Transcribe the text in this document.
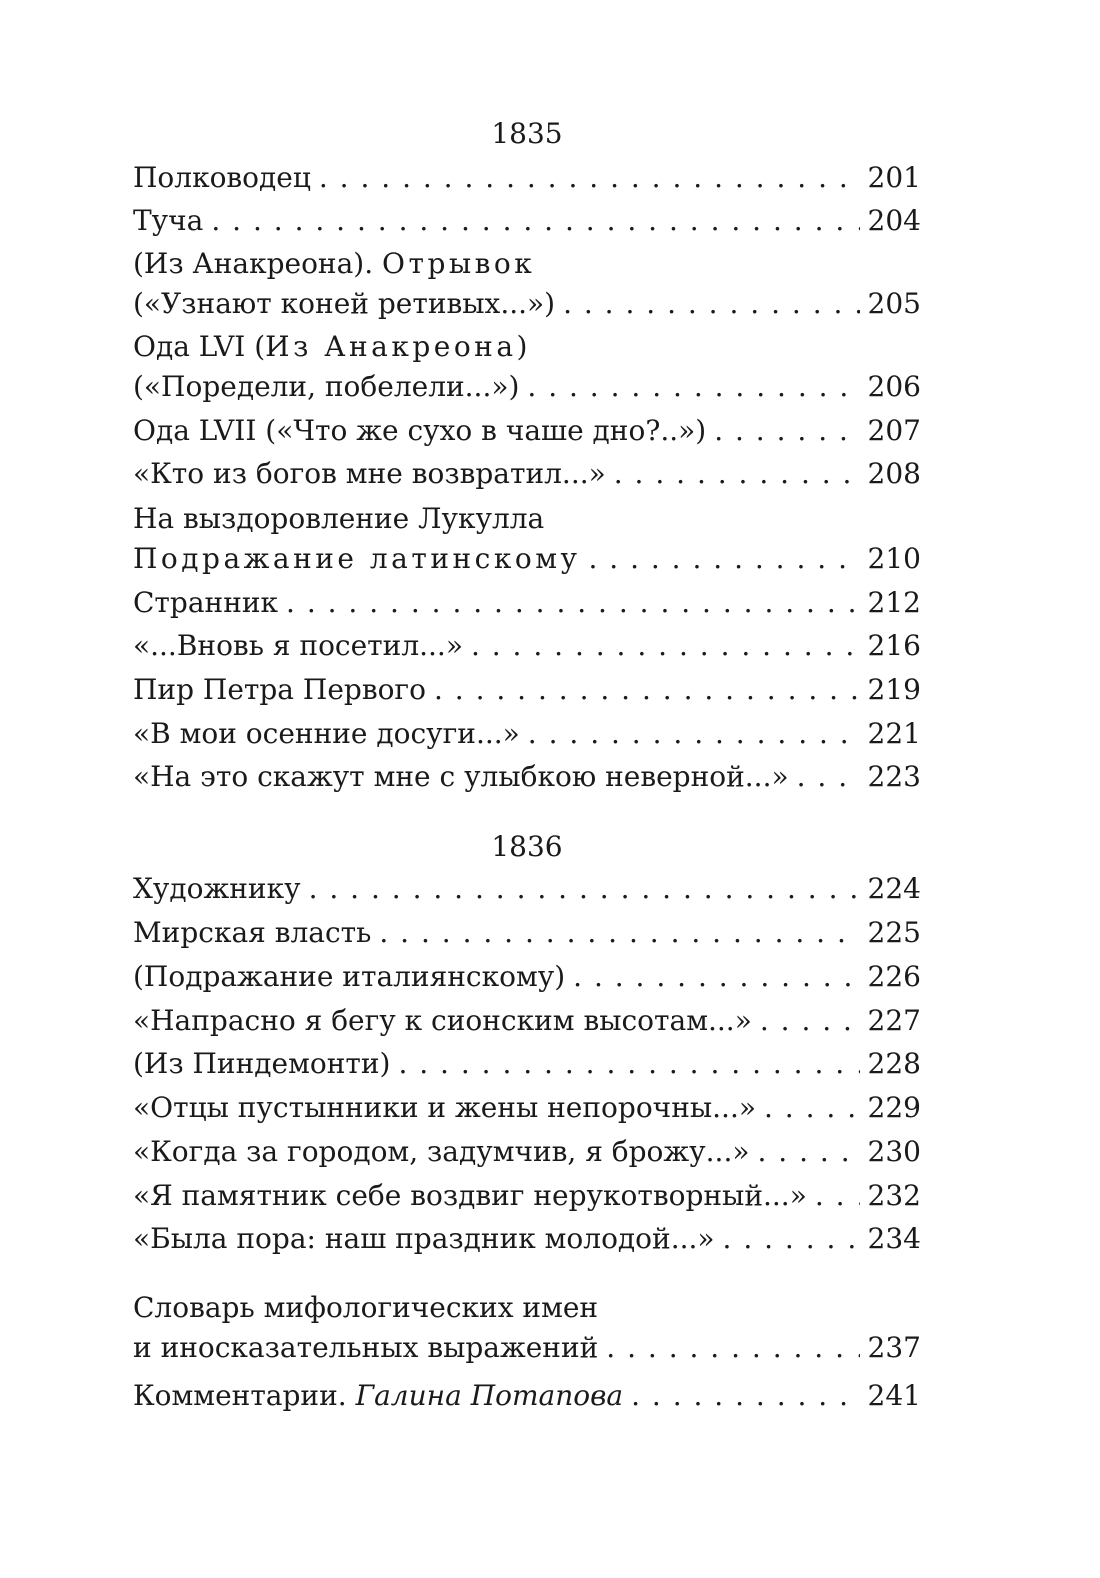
1835
Полководец . . .	201
Туча . . .	204
(Из Анакреона). Отрывок
(«Узнают коней ретивых...») . . .	205
Ода LVI (Из Анакреона)
(«Поредели, побелели...») . . .	206
Ода LVII («Что же сухо в чаше дно?..») . . .	207
«Кто из богов мне возвратил...» . . .	208
На выздоровление Лукулла
Подражание латинскому . . .	210
Странник . . .	212
«...Вновь я посетил...» . . .	216
Пир Петра Первого . . .	219
«В мои осенние досуги...» . . .	221
«На это скажут мне с улыбкою неверной...» . . .	223
1836
Художнику . . .	224
Мирская власть . . .	225
(Подражание италиянскому) . . .	226
«Напрасно я бегу к сионским высотам...» . . .	227
(Из Пиндемонти) . . .	228
«Отцы пустынники и жены непорочны...» . . .	229
«Когда за городом, задумчив, я брожу...» . . .	230
«Я памятник себе воздвиг нерукотворный...» . . . 232
«Была пора: наш праздник молодой...» . . .	234
Словарь мифологических имен
и иносказательных выражений . . .	237
Комментарии. Галина Потапова . . .	241
